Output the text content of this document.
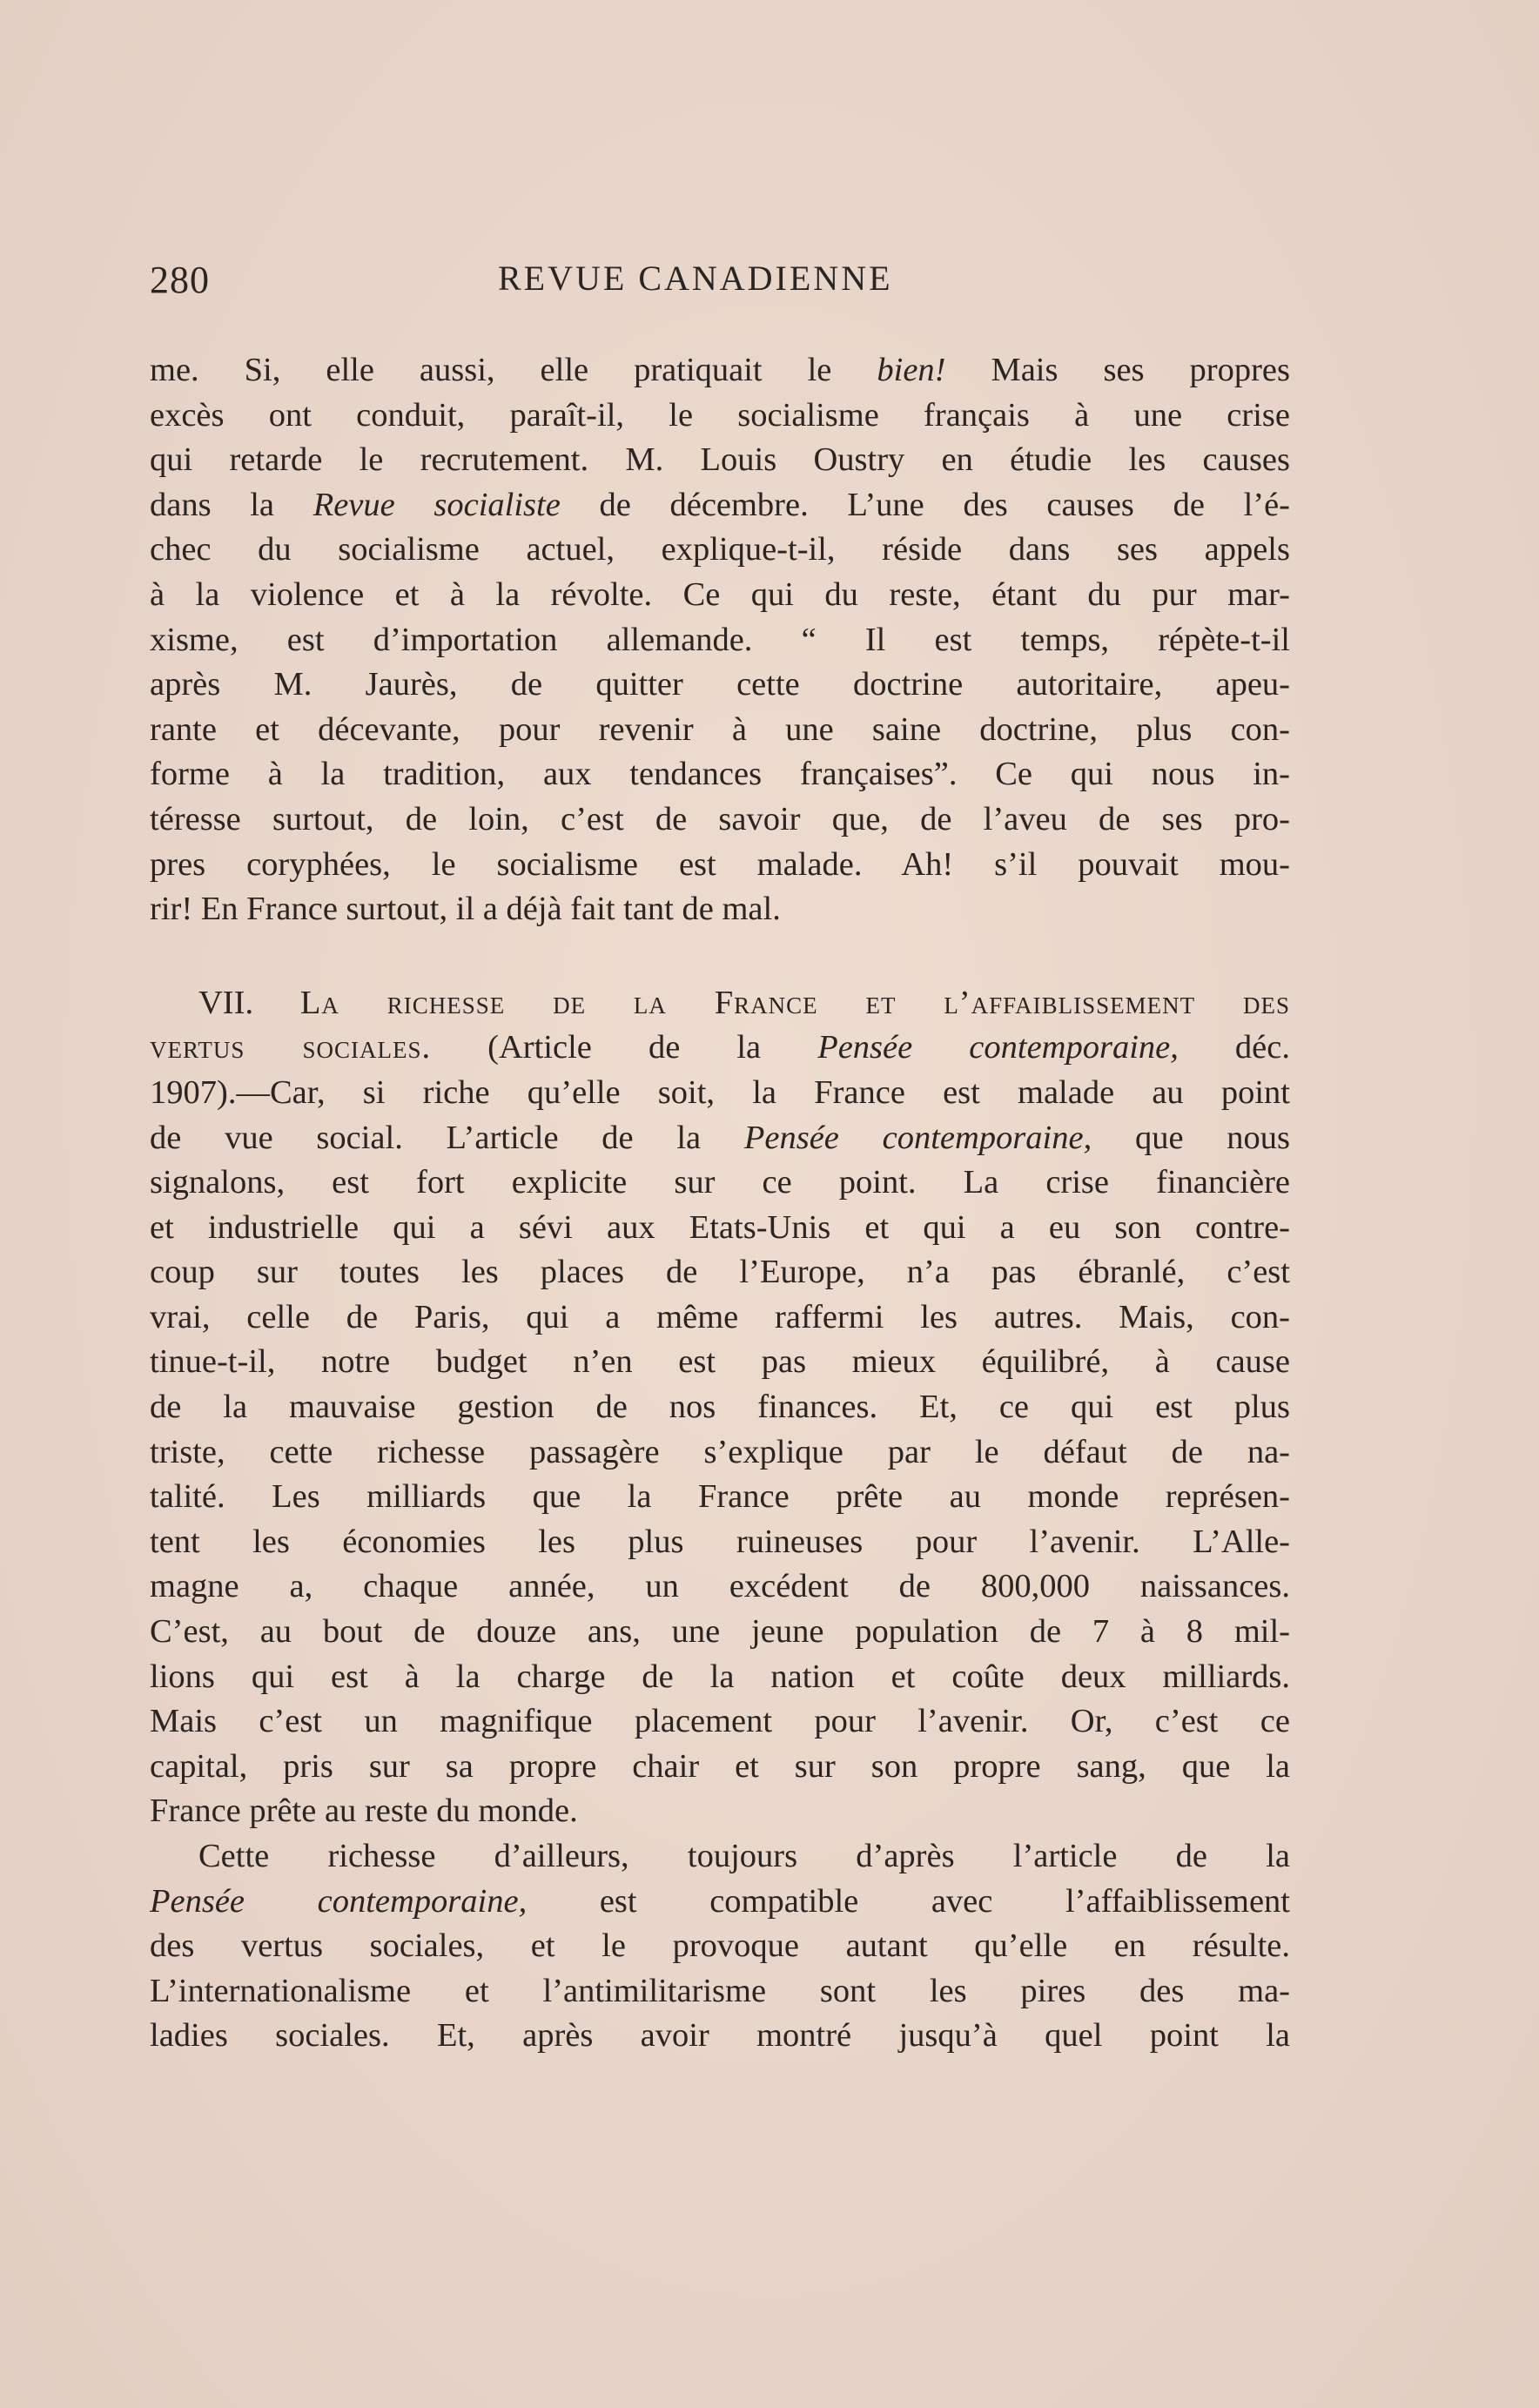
280	REVUE CANADIENNE
me. Si, elle aussi, elle pratiquait le bien! Mais ses propres
excès ont conduit, paraît-il, le socialisme français à une crise
qui retarde le recrutement. M. Louis Oustry en étudie les causes
dans la Revue socialiste de décembre. L’une des causes de l’é-
chec du socialisme actuel, explique-t-il, réside dans ses appels
à la violence et à la révolte. Ce qui du reste, étant du pur mar-
xisme, est d’importation allemande. “ Il est temps, répète-t-il
après M. Jaurès, de quitter cette doctrine autoritaire, apeu-
rante et décevante, pour revenir à une saine doctrine, plus con-
forme à la tradition, aux tendances françaises”. Ce qui nous in-
téresse surtout, de loin, c’est de savoir que, de l’aveu de ses pro-
pres coryphées, le socialisme est malade. Ah! s’il pouvait mou-
rir! En France surtout, il a déjà fait tant de mal.
VII. La richesse de la France et l’affaiblissement des
vertus sociales. (Article de la Pensée contemporaine, déc.
1907).—Car, si riche qu’elle soit, la France est malade au point
de vue social. L’article de la Pensée contemporaine, que nous
signalons, est fort explicite sur ce point. La crise financière
et industrielle qui a sévi aux Etats-Unis et qui a eu son contre-
coup sur toutes les places de l’Europe, n’a pas ébranlé, c’est
vrai, celle de Paris, qui a même raffermi les autres. Mais, con-
tinue-t-il, notre budget n’en est pas mieux équilibré, à cause
de la mauvaise gestion de nos finances. Et, ce qui est plus
triste, cette richesse passagère s’explique par le défaut de na-
talité. Les milliards que la France prête au monde représen-
tent les économies les plus ruineuses pour l’avenir. L’Alle-
magne a, chaque année, un excédent de 800,000 naissances.
C’est, au bout de douze ans, une jeune population de 7 à 8 mil-
lions qui est à la charge de la nation et coûte deux milliards.
Mais c’est un magnifique placement pour l’avenir. Or, c’est ce
capital, pris sur sa propre chair et sur son propre sang, que la
France prête au reste du monde.
Cette richesse d’ailleurs, toujours d’après l’article de la
Pensée contemporaine, est compatible avec l’affaiblissement
des vertus sociales, et le provoque autant qu’elle en résulte.
L’internationalisme et l’antimilitarisme sont les pires des ma-
ladies sociales. Et, après avoir montré jusqu’à quel point la
